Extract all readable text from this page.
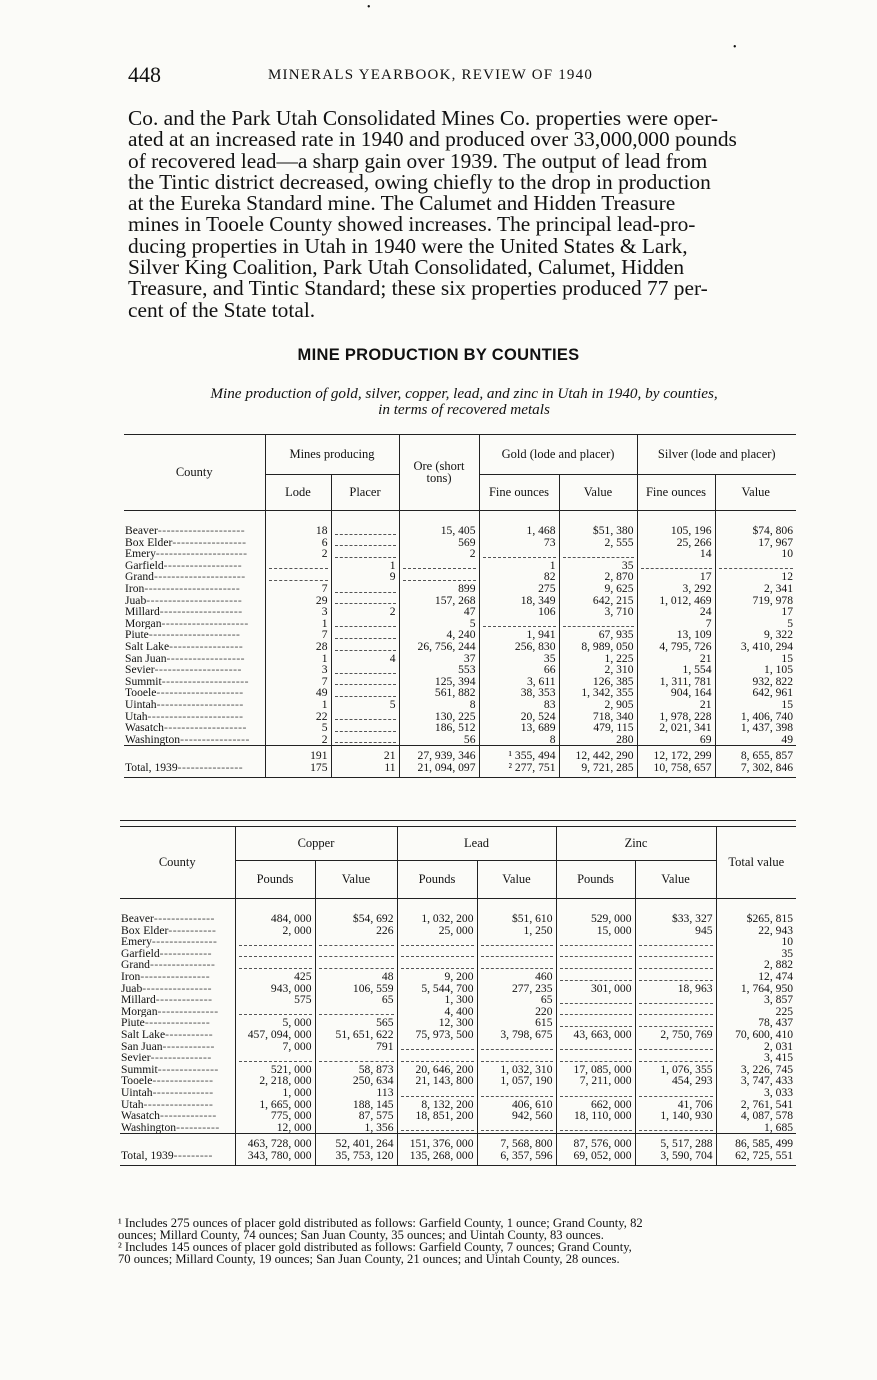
•
•
448	MINERALS YEARBOOK, REVIEW OF 1940

Co. and the Park Utah Consolidated Mines Co. properties were oper-
ated at an increased rate in 1940 and produced over 33,000,000 pounds
of recovered lead—a sharp gain over 1939. The output of lead from
the Tintic district decreased, owing chiefly to the drop in production
at the Eureka Standard mine. The Calumet and Hidden Treasure
mines in Tooele County showed increases. The principal lead-pro-
ducing properties in Utah in 1940 were the United States & Lark,
Silver King Coalition, Park Utah Consolidated, Calumet, Hidden
Treasure, and Tintic Standard; these six properties produced 77 per-
cent of the State total.

MINE PRODUCTION BY COUNTIES
Mine production of gold, silver, copper, lead, and zinc in Utah in 1940, by counties,
in terms of recovered metals
County	Mines producing		Ore (short tons)	Gold (lode and placer)		Silver (lode and placer)	
	Lode	Placer		Fine ounces	Value	Fine ounces	Value
Beaver--------------------	18		15, 405	1, 468	$51, 380	105, 196	$74, 806
Box Elder-----------------	6		569	73	2, 555	25, 266	17, 967
Emery---------------------	2		2			14	10
Garfield------------------		1		1	35		
Grand---------------------		9		82	2, 870	17	12
Iron----------------------	7		899	275	9, 625	3, 292	2, 341
Juab----------------------	29		157, 268	18, 349	642, 215	1, 012, 469	719, 978
Millard-------------------	3	2	47	106	3, 710	24	17
Morgan--------------------	1		5			7	5
Piute---------------------	7		4, 240	1, 941	67, 935	13, 109	9, 322
Salt Lake-----------------	28		26, 756, 244	256, 830	8, 989, 050	4, 795, 726	3, 410, 294
San Juan------------------	1	4	37	35	1, 225	21	15
Sevier--------------------	3		553	66	2, 310	1, 554	1, 105
Summit--------------------	7		125, 394	3, 611	126, 385	1, 311, 781	932, 822
Tooele--------------------	49		561, 882	38, 353	1, 342, 355	904, 164	642, 961
Uintah--------------------	1	5	8	83	2, 905	21	15
Utah----------------------	22		130, 225	20, 524	718, 340	1, 978, 228	1, 406, 740
Wasatch-------------------	5		186, 512	13, 689	479, 115	2, 021, 341	1, 437, 398
Washington----------------	2		56	8	280	69	49
	191	21	27, 939, 346	¹ 355, 494	12, 442, 290	12, 172, 299	8, 655, 857
Total, 1939---------------	175	11	21, 094, 097	² 277, 751	9, 721, 285	10, 758, 657	7, 302, 846
County	Copper		Lead		Zinc		Total value
	Pounds	Value	Pounds	Value	Pounds	Value	
Beaver--------------	484, 000	$54, 692	1, 032, 200	$51, 610	529, 000	$33, 327	$265, 815
Box Elder-----------	2, 000	226	25, 000	1, 250	15, 000	945	22, 943
Emery---------------							10
Garfield------------							35
Grand---------------							2, 882
Iron----------------	425	48	9, 200	460			12, 474
Juab----------------	943, 000	106, 559	5, 544, 700	277, 235	301, 000	18, 963	1, 764, 950
Millard-------------	575	65	1, 300	65			3, 857
Morgan--------------			4, 400	220			225
Piute---------------	5, 000	565	12, 300	615			78, 437
Salt Lake-----------	457, 094, 000	51, 651, 622	75, 973, 500	3, 798, 675	43, 663, 000	2, 750, 769	70, 600, 410
San Juan------------	7, 000	791					2, 031
Sevier--------------							3, 415
Summit--------------	521, 000	58, 873	20, 646, 200	1, 032, 310	17, 085, 000	1, 076, 355	3, 226, 745
Tooele--------------	2, 218, 000	250, 634	21, 143, 800	1, 057, 190	7, 211, 000	454, 293	3, 747, 433
Uintah--------------	1, 000	113					3, 033
Utah----------------	1, 665, 000	188, 145	8, 132, 200	406, 610	662, 000	41, 706	2, 761, 541
Wasatch-------------	775, 000	87, 575	18, 851, 200	942, 560	18, 110, 000	1, 140, 930	4, 087, 578
Washington----------	12, 000	1, 356					1, 685
	463, 728, 000	52, 401, 264	151, 376, 000	7, 568, 800	87, 576, 000	5, 517, 288	86, 585, 499
Total, 1939---------	343, 780, 000	35, 753, 120	135, 268, 000	6, 357, 596	69, 052, 000	3, 590, 704	62, 725, 551
¹ Includes 275 ounces of placer gold distributed as follows: Garfield County, 1 ounce; Grand County, 82
ounces; Millard County, 74 ounces; San Juan County, 35 ounces; and Uintah County, 83 ounces.
² Includes 145 ounces of placer gold distributed as follows: Garfield County, 7 ounces; Grand County,
70 ounces; Millard County, 19 ounces; San Juan County, 21 ounces; and Uintah County, 28 ounces.
